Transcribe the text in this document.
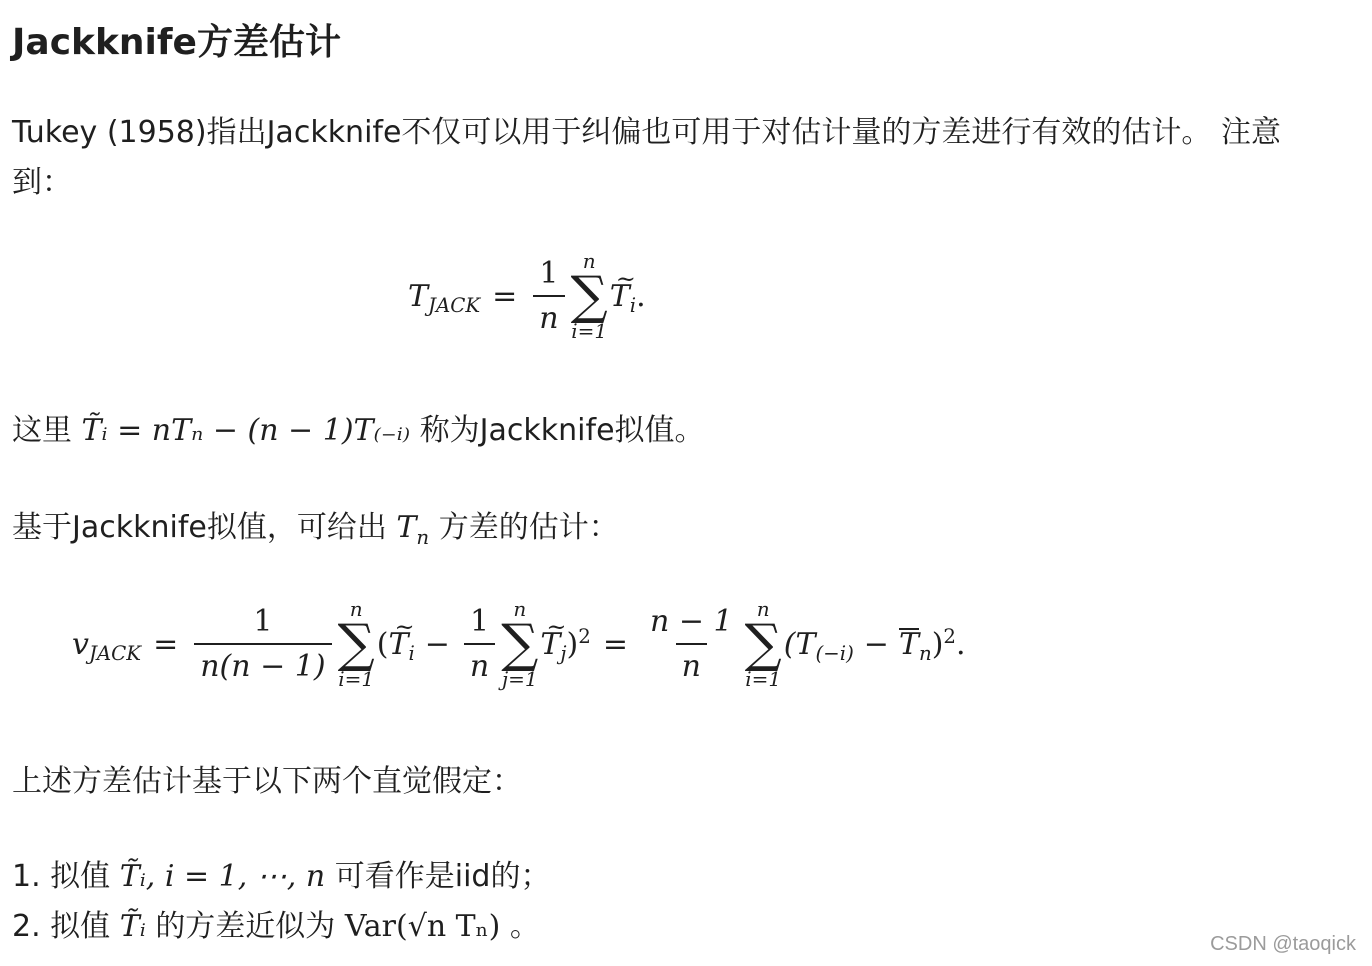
Jackknife方差估计
Tukey (1958)指出Jackknife不仅可以用于纠偏也可用于对估计量的方差进行有效的估计。 注意
到：
$T_{JACK} = \frac{1}{n}$ n
∑
i=1
~ $T_i$ .
这里 T̃ᵢ = nTₙ − (n − 1)T₍₋ᵢ₎ 称为Jackknife拟值。
基于Jackknife拟值，可给出 $T_n$ 方差的估计：
$v_{JACK} = \frac{1}{n(n - 1)}$ n
∑
i=1
(
~ $T_i - \frac{1}{n}$ n
∑
j=1
~ $T_j$ )$^2 = \frac{n - 1}{n}$ n
∑
i=1
($T_{(-i)} - T_n$ )$^2$ .
上述方差估计基于以下两个直觉假定：
1. 拟值 T̃ᵢ, i = 1, ⋯, n 可看作是iid的；
2. 拟值 T̃ᵢ 的方差近似为 Var(√n Tₙ) 。	CSDN @taoqick
